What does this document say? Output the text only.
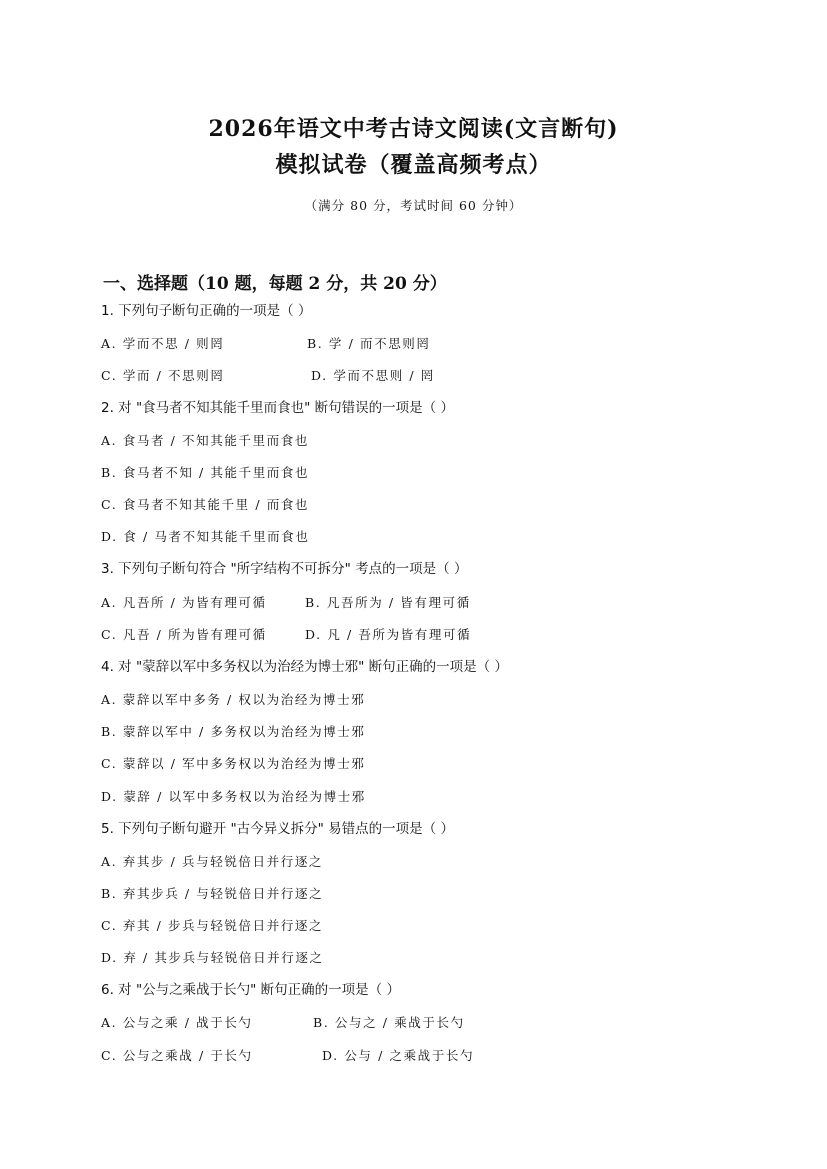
2026年语文中考古诗文阅读(文言断句)
模拟试卷（覆盖高频考点）
（满分 80 分，考试时间 60 分钟）
一、选择题（10 题，每题 2 分，共 20 分）
1. 下列句子断句正确的一项是（ ）
A. 学而不思 / 则罔	B. 学 / 而不思则罔
C. 学而 / 不思则罔	D. 学而不思则 / 罔
2. 对 "食马者不知其能千里而食也" 断句错误的一项是（ ）
A. 食马者 / 不知其能千里而食也
B. 食马者不知 / 其能千里而食也
C. 食马者不知其能千里 / 而食也
D. 食 / 马者不知其能千里而食也
3. 下列句子断句符合 "所字结构不可拆分" 考点的一项是（ ）
A. 凡吾所 / 为皆有理可循	B. 凡吾所为 / 皆有理可循
C. 凡吾 / 所为皆有理可循	D. 凡 / 吾所为皆有理可循
4. 对 "蒙辞以军中多务权以为治经为博士邪" 断句正确的一项是（ ）
A. 蒙辞以军中多务 / 权以为治经为博士邪
B. 蒙辞以军中 / 多务权以为治经为博士邪
C. 蒙辞以 / 军中多务权以为治经为博士邪
D. 蒙辞 / 以军中多务权以为治经为博士邪
5. 下列句子断句避开 "古今异义拆分" 易错点的一项是（ ）
A. 弃其步 / 兵与轻锐倍日并行逐之
B. 弃其步兵 / 与轻锐倍日并行逐之
C. 弃其 / 步兵与轻锐倍日并行逐之
D. 弃 / 其步兵与轻锐倍日并行逐之
6. 对 "公与之乘战于长勺" 断句正确的一项是（ ）
A. 公与之乘 / 战于长勺	B. 公与之 / 乘战于长勺
C. 公与之乘战 / 于长勺	D. 公与 / 之乘战于长勺
